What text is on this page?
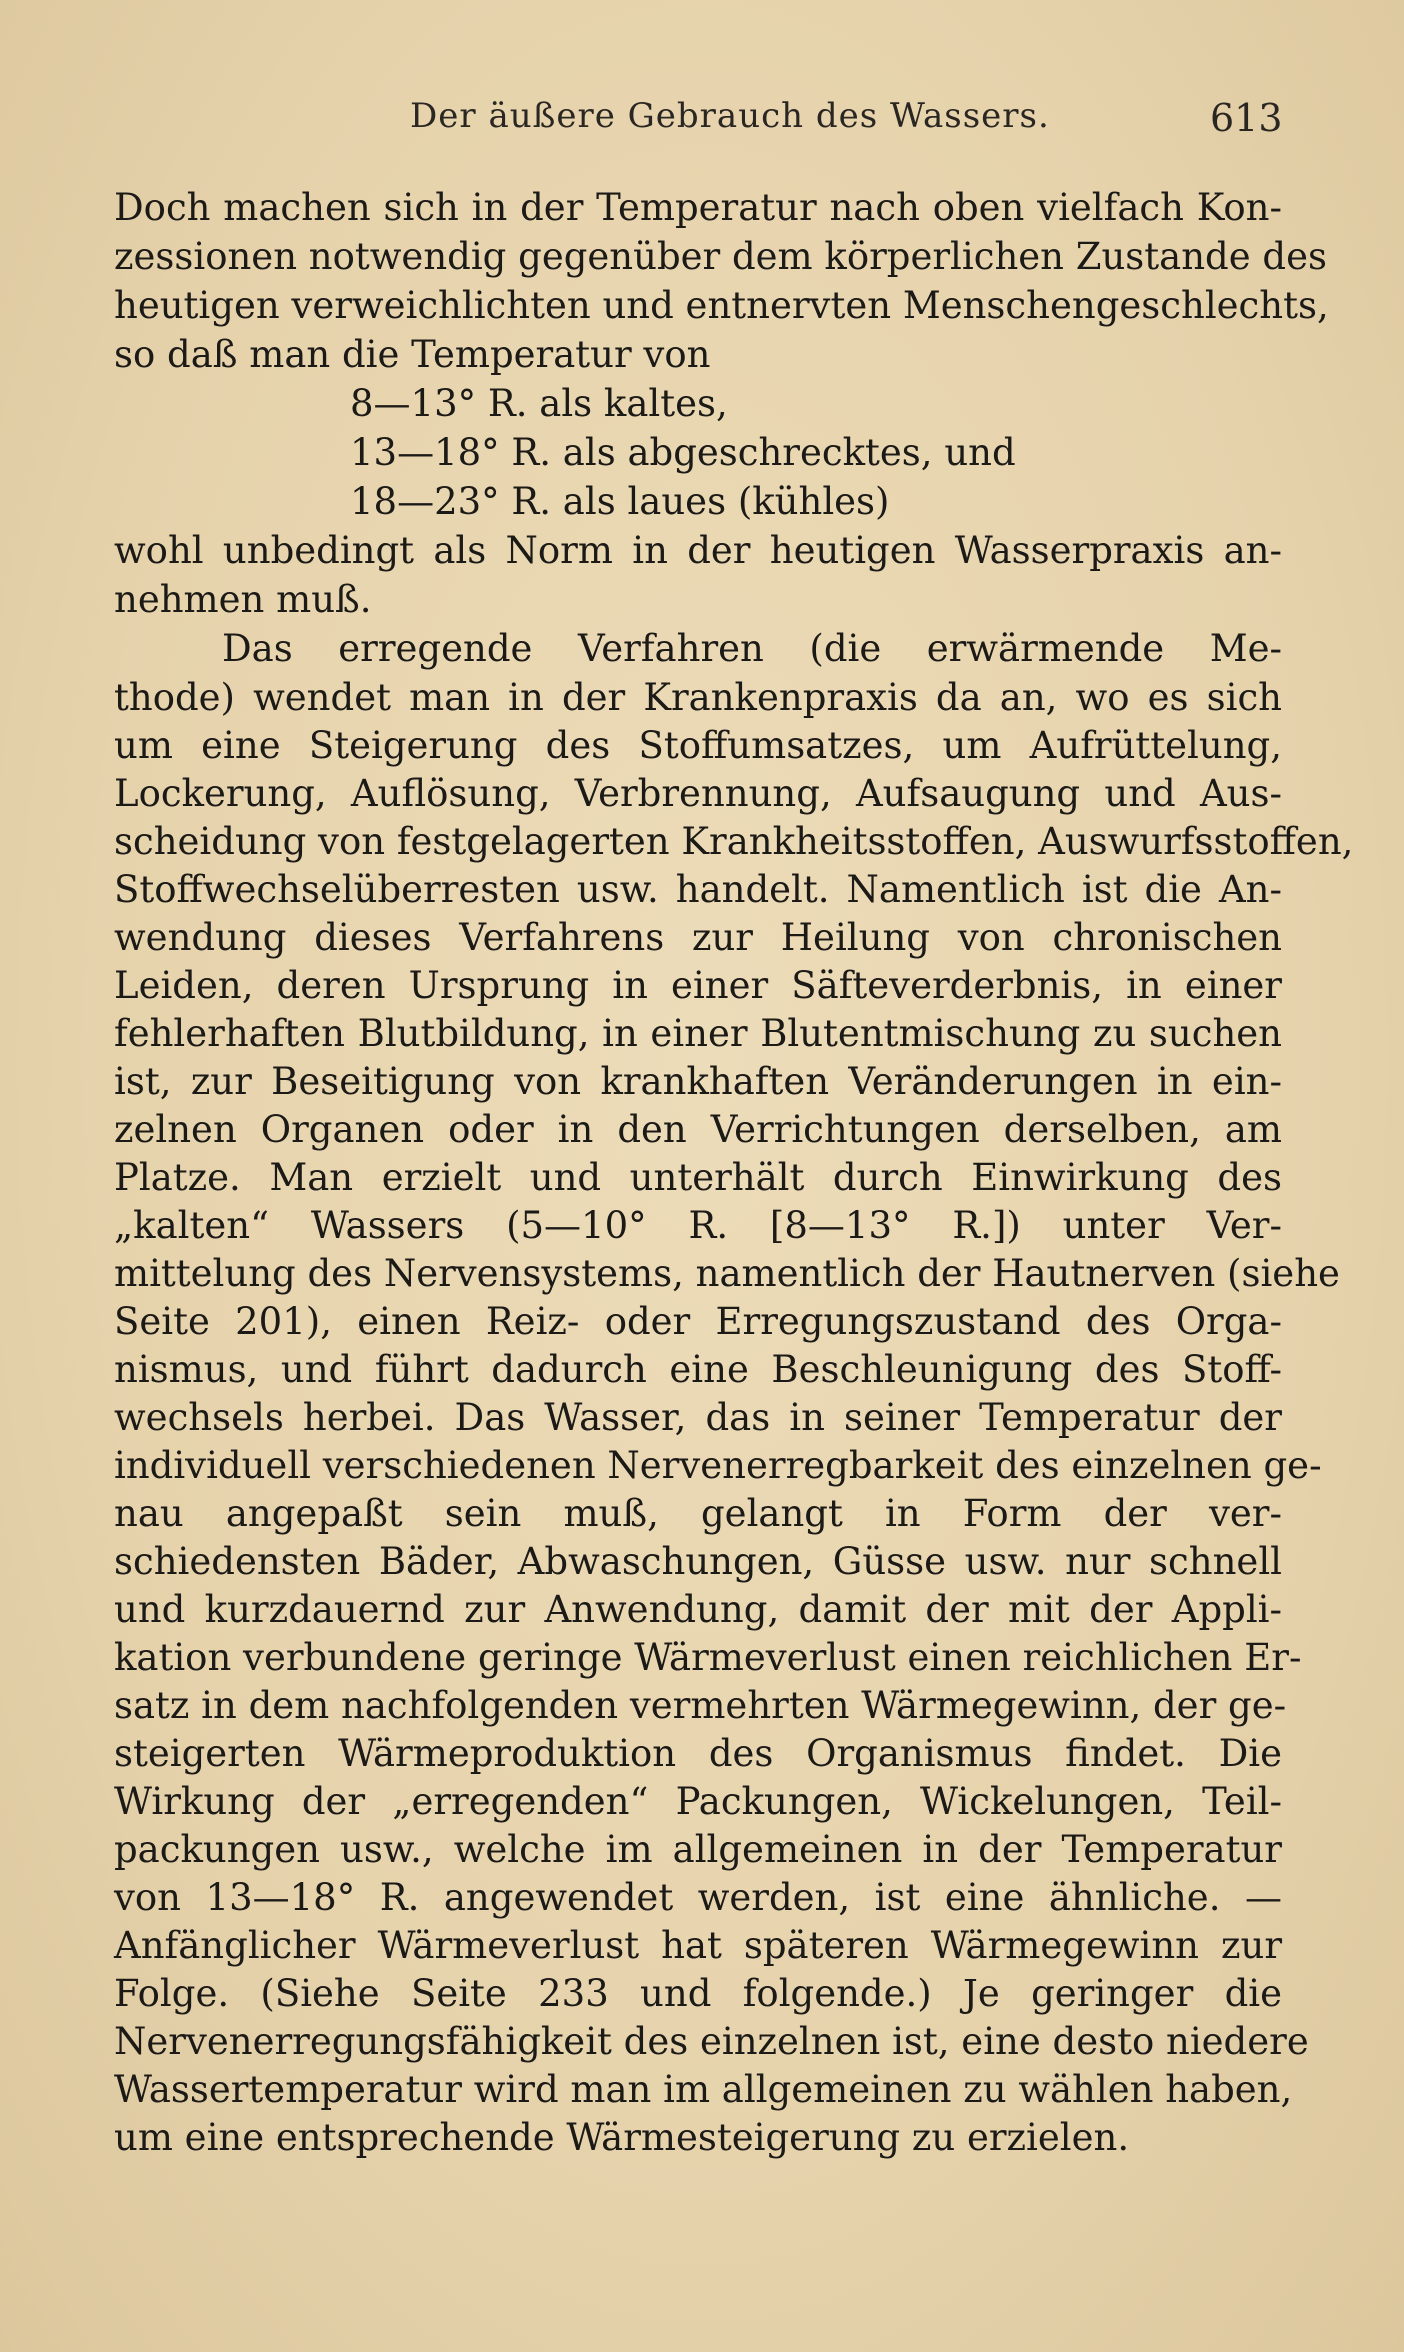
Der äußere Gebrauch des Wassers.	613
Doch machen sich in der Temperatur nach oben vielfach Kon-
zessionen notwendig gegenüber dem körperlichen Zustande des
heutigen verweichlichten und entnervten Menschengeschlechts,
so daß man die Temperatur von
8—13° R. als kaltes,
13—18° R. als abgeschrecktes, und
18—23° R. als laues (kühles)
wohl unbedingt als Norm in der heutigen Wasserpraxis an-
nehmen muß.
Das erregende Verfahren (die erwärmende Me-
thode) wendet man in der Krankenpraxis da an, wo es sich
um eine Steigerung des Stoffumsatzes, um Aufrüttelung,
Lockerung, Auflösung, Verbrennung, Aufsaugung und Aus-
scheidung von festgelagerten Krankheitsstoffen, Auswurfsstoffen,
Stoffwechselüberresten usw. handelt. Namentlich ist die An-
wendung dieses Verfahrens zur Heilung von chronischen
Leiden, deren Ursprung in einer Säfteverderbnis, in einer
fehlerhaften Blutbildung, in einer Blutentmischung zu suchen
ist, zur Beseitigung von krankhaften Veränderungen in ein-
zelnen Organen oder in den Verrichtungen derselben, am
Platze. Man erzielt und unterhält durch Einwirkung des
„kalten“ Wassers (5—10° R. [8—13° R.]) unter Ver-
mittelung des Nervensystems, namentlich der Hautnerven (siehe
Seite 201), einen Reiz- oder Erregungszustand des Orga-
nismus, und führt dadurch eine Beschleunigung des Stoff-
wechsels herbei. Das Wasser, das in seiner Temperatur der
individuell verschiedenen Nervenerregbarkeit des einzelnen ge-
nau angepaßt sein muß, gelangt in Form der ver-
schiedensten Bäder, Abwaschungen, Güsse usw. nur schnell
und kurzdauernd zur Anwendung, damit der mit der Appli-
kation verbundene geringe Wärmeverlust einen reichlichen Er-
satz in dem nachfolgenden vermehrten Wärmegewinn, der ge-
steigerten Wärmeproduktion des Organismus findet. Die
Wirkung der „erregenden“ Packungen, Wickelungen, Teil-
packungen usw., welche im allgemeinen in der Temperatur
von 13—18° R. angewendet werden, ist eine ähnliche. —
Anfänglicher Wärmeverlust hat späteren Wärmegewinn zur
Folge. (Siehe Seite 233 und folgende.) Je geringer die
Nervenerregungsfähigkeit des einzelnen ist, eine desto niedere
Wassertemperatur wird man im allgemeinen zu wählen haben,
um eine entsprechende Wärmesteigerung zu erzielen.
